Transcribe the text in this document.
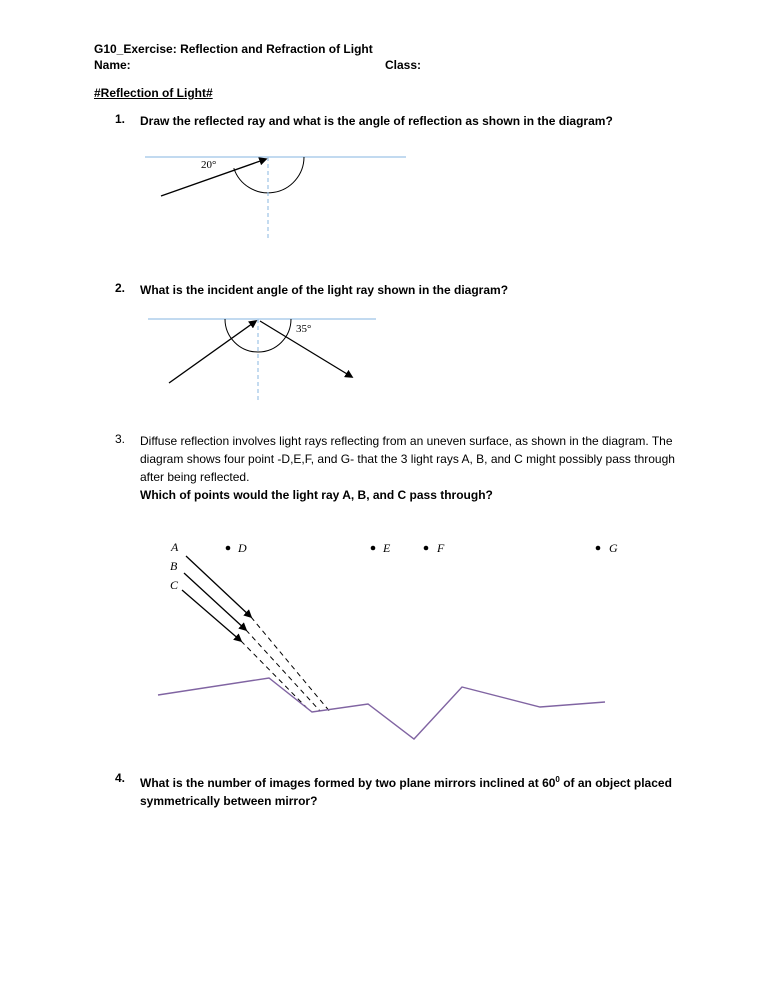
G10_Exercise: Reflection and Refraction of Light
Name:	Class:
#Reflection of Light#
1.	Draw the reflected ray and what is the angle of reflection as shown in the diagram?
20°
2.	What is the incident angle of the light ray shown in the diagram?
35°
3.	Diffuse reflection involves light rays reflecting from an uneven surface, as shown in the diagram. The diagram shows four point -D,E,F, and G- that the 3 light rays A, B, and C might possibly pass through after being reflected.
Which of points would the light ray A, B, and C pass through?
A
B
C
D	E	F	G
4.	What is the number of images formed by two plane mirrors inclined at $60^0$ of an object placed symmetrically between mirror?
